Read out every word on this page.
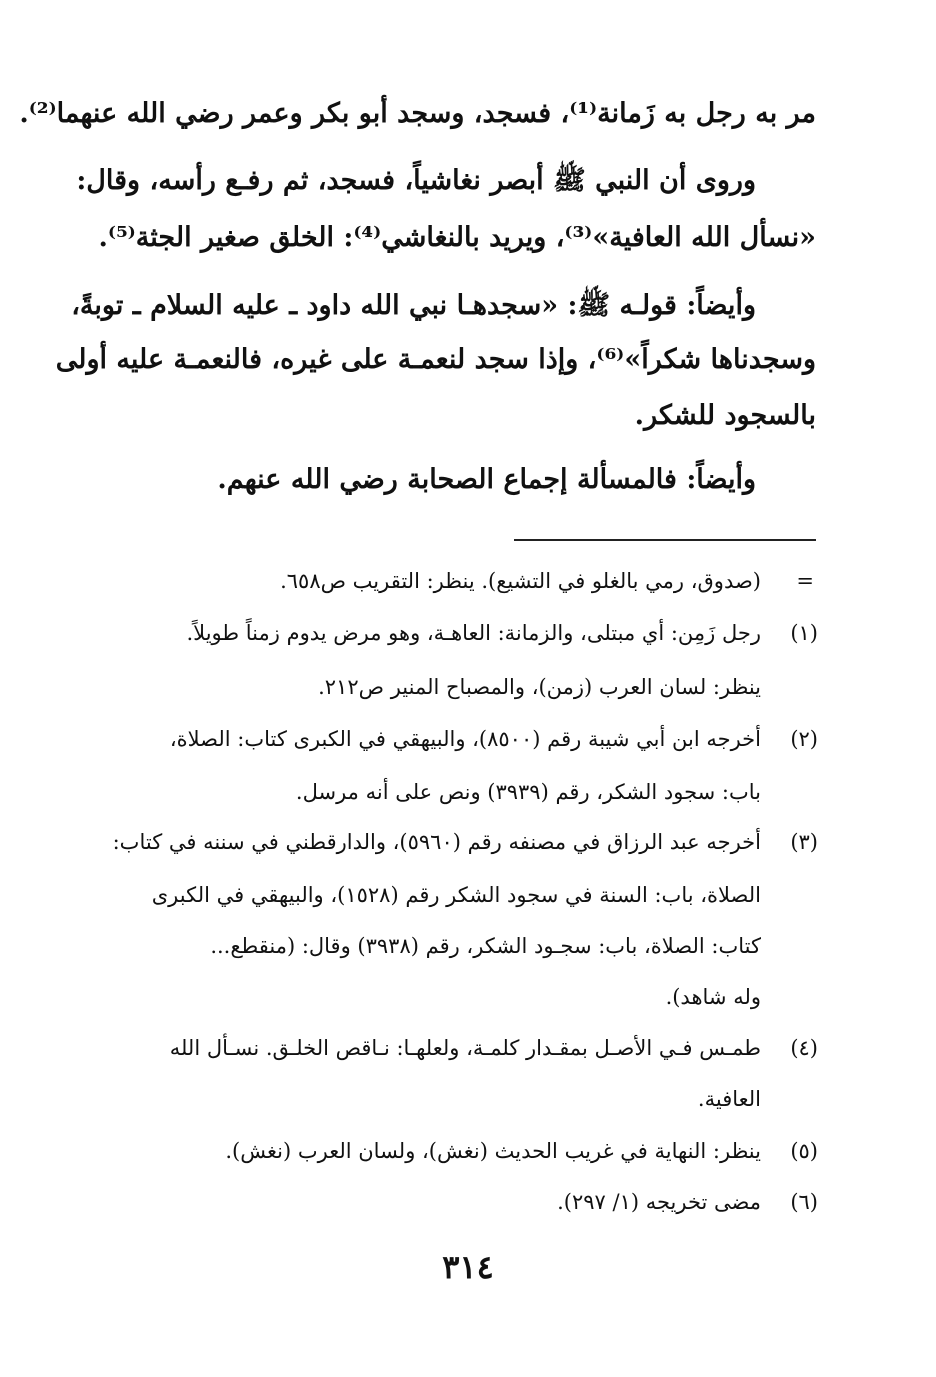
مر به رجل به زَمانة⁽¹⁾، فسجد، وسجد أبو بكر وعمر رضي الله عنهما⁽²⁾.
وروى أن النبي ﷺ أبصر نغاشياً، فسجد، ثم رفـع رأسه، وقال:
«نسأل الله العافية»⁽³⁾، ويريد بالنغاشي⁽⁴⁾: الخلق صغير الجثة⁽⁵⁾.
وأيضاً: قولـه ﷺ: «سجدهـا نبي الله داود ـ عليه السلام ـ توبةً،
وسجدناها شكراً»⁽⁶⁾، وإذا سجد لنعمـة على غيره، فالنعمـة عليه أولى
بالسجود للشكر.
وأيضاً: فالمسألة إجماع الصحابة رضي الله عنهم.
=
(صدوق، رمي بالغلو في التشيع). ينظر: التقريب ص٦٥٨.
(١)
رجل زَمِن: أي مبتلى، والزمانة: العاهـة، وهو مرض يدوم زمناً طويلاً.
ينظر: لسان العرب (زمن)، والمصباح المنير ص٢١٢.
(٢)
أخرجه ابن أبي شيبة رقم (٨٥٠٠)، والبيهقي في الكبرى كتاب: الصلاة،
باب: سجود الشكر، رقم (٣٩٣٩) ونص على أنه مرسل.
(٣)
أخرجه عبد الرزاق في مصنفه رقم (٥٩٦٠)، والدارقطني في سننه في كتاب:
الصلاة، باب: السنة في سجود الشكر رقم (١٥٢٨)، والبيهقي في الكبرى
كتاب: الصلاة، باب: سجـود الشكر، رقم (٣٩٣٨) وقال: (منقطع...
وله شاهد).
(٤)
طمـس فـي الأصـل بمقـدار كلمـة، ولعلهـا: نـاقص الخلـق. نسـأل الله
العافية.
(٥)
ينظر: النهاية في غريب الحديث (نغش)، ولسان العرب (نغش).
(٦)
مضى تخريجه (١/ ٢٩٧).
٣١٤
